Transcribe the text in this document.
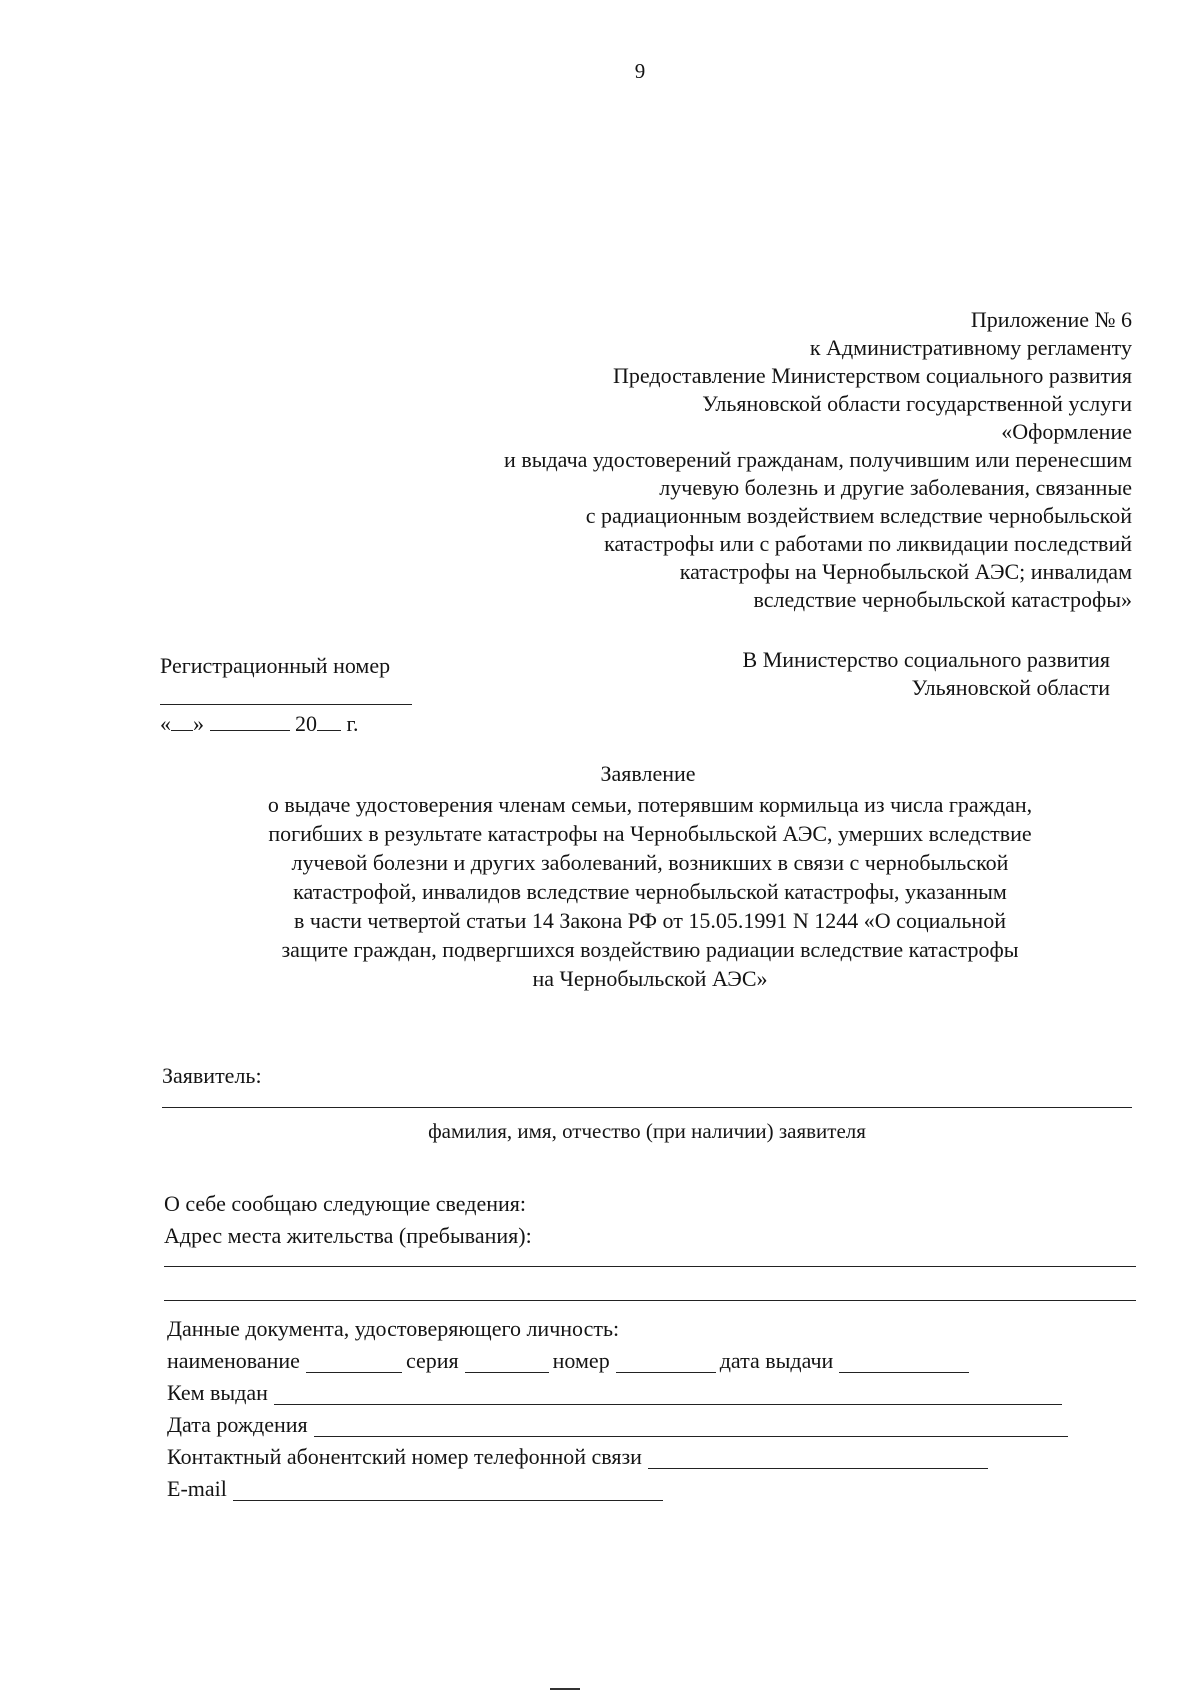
9
Приложение № 6
к Административному регламенту
Предоставление Министерством социального развития
Ульяновской области государственной услуги
«Оформление
и выдача удостоверений гражданам, получившим или перенесшим
лучевую болезнь и другие заболевания, связанные
с радиационным воздействием вследствие чернобыльской
катастрофы или с работами по ликвидации последствий
катастрофы на Чернобыльской АЭС; инвалидам
вследствие чернобыльской катастрофы»
Регистрационный номер
« »	20 г.
В Министерство социального развития
Ульяновской области
Заявление
о выдаче удостоверения членам семьи, потерявшим кормильца из числа граждан,
погибших в результате катастрофы на Чернобыльской АЭС, умерших вследствие
лучевой болезни и других заболеваний, возникших в связи с чернобыльской
катастрофой, инвалидов вследствие чернобыльской катастрофы, указанным
в части четвертой статьи 14 Закона РФ от 15.05.1991 N 1244 «О социальной
защите граждан, подвергшихся воздействию радиации вследствие катастрофы
на Чернобыльской АЭС»
Заявитель:
фамилия, имя, отчество (при наличии) заявителя
О себе сообщаю следующие сведения:
Адрес места жительства (пребывания):
Данные документа, удостоверяющего личность:
наименование	серия	номер	дата выдачи
Кем выдан
Дата рождения
Контактный абонентский номер телефонной связи
E-mail
